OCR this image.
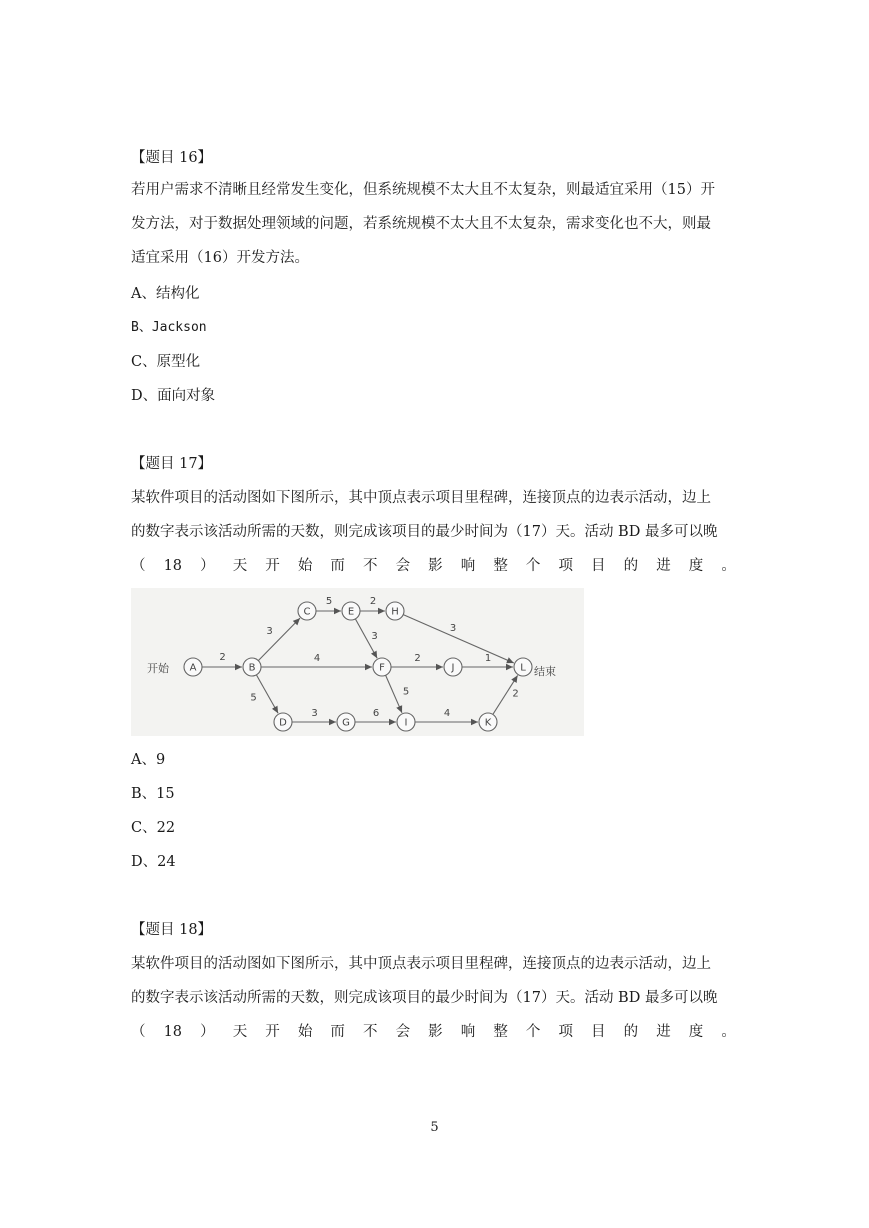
【题目 16】
若用户需求不清晰且经常发生变化，但系统规模不太大且不太复杂，则最适宜采用（15）开
发方法，对于数据处理领域的问题，若系统规模不太大且不太复杂，需求变化也不大，则最
适宜采用（16）开发方法。
A、结构化
B、Jackson
C、原型化
D、面向对象
【题目 17】
某软件项目的活动图如下图所示，其中顶点表示项目里程碑，连接顶点的边表示活动，边上
的数字表示该活动所需的天数，则完成该项目的最少时间为（17）天。活动 BD 最多可以晚
（ 18 ） 天 开 始 而 不 会 影 响 整 个 项 目 的 进 度 。
2
3
4
5
5	2
3
3
2
5
1
3	6	4
2
A	B
C
D
E
F
G
H
I
J
K
L
开始	结束
A、9
B、15
C、22
D、24
【题目 18】
某软件项目的活动图如下图所示，其中顶点表示项目里程碑，连接顶点的边表示活动，边上
的数字表示该活动所需的天数，则完成该项目的最少时间为（17）天。活动 BD 最多可以晚
（ 18 ） 天 开 始 而 不 会 影 响 整 个 项 目 的 进 度 。
5
